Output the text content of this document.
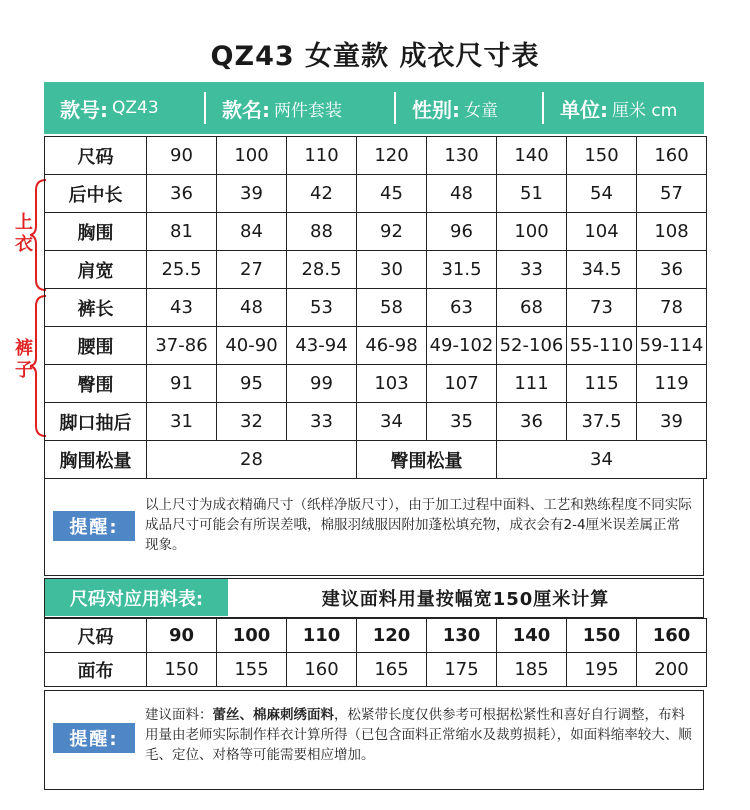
QZ43 女童款 成衣尺寸表
款号: QZ43	款名: 两件套装	性别: 女童	单位: 厘米 cm
上衣
裤子
尺码	90	100	110	120	130	140	150	160
后中长	36	39	42	45	48	51	54	57
胸围	81	84	88	92	96	100	104	108
肩宽	25.5	27	28.5	30	31.5	33	34.5	36
裤长	43	48	53	58	63	68	73	78
腰围	37-86	40-90	43-94	46-98	49-102	52-106	55-110	59-114
臀围	91	95	99	103	107	111	115	119
脚口抽后	31	32	33	34	35	36	37.5	39
胸围松量	28			臀围松量		34		
提醒:
以上尺寸为成衣精确尺寸（纸样净版尺寸），由于加工过程中面料、工艺和熟练程度不同实际成品尺寸可能会有所误差哦，棉服羽绒服因附加蓬松填充物，成衣会有2-4厘米误差属正常现象。
尺码对应用料表:	建议面料用量按幅宽150厘米计算
尺码	90	100	110	120	130	140	150	160
面布	150	155	160	165	175	185	195	200
提醒:
建议面料：蕾丝、棉麻刺绣面料，松紧带长度仅供参考可根据松紧性和喜好自行调整，布料用量由老师实际制作样衣计算所得（已包含面料正常缩水及裁剪损耗），如面料缩率较大、顺毛、定位、对格等可能需要相应增加。
